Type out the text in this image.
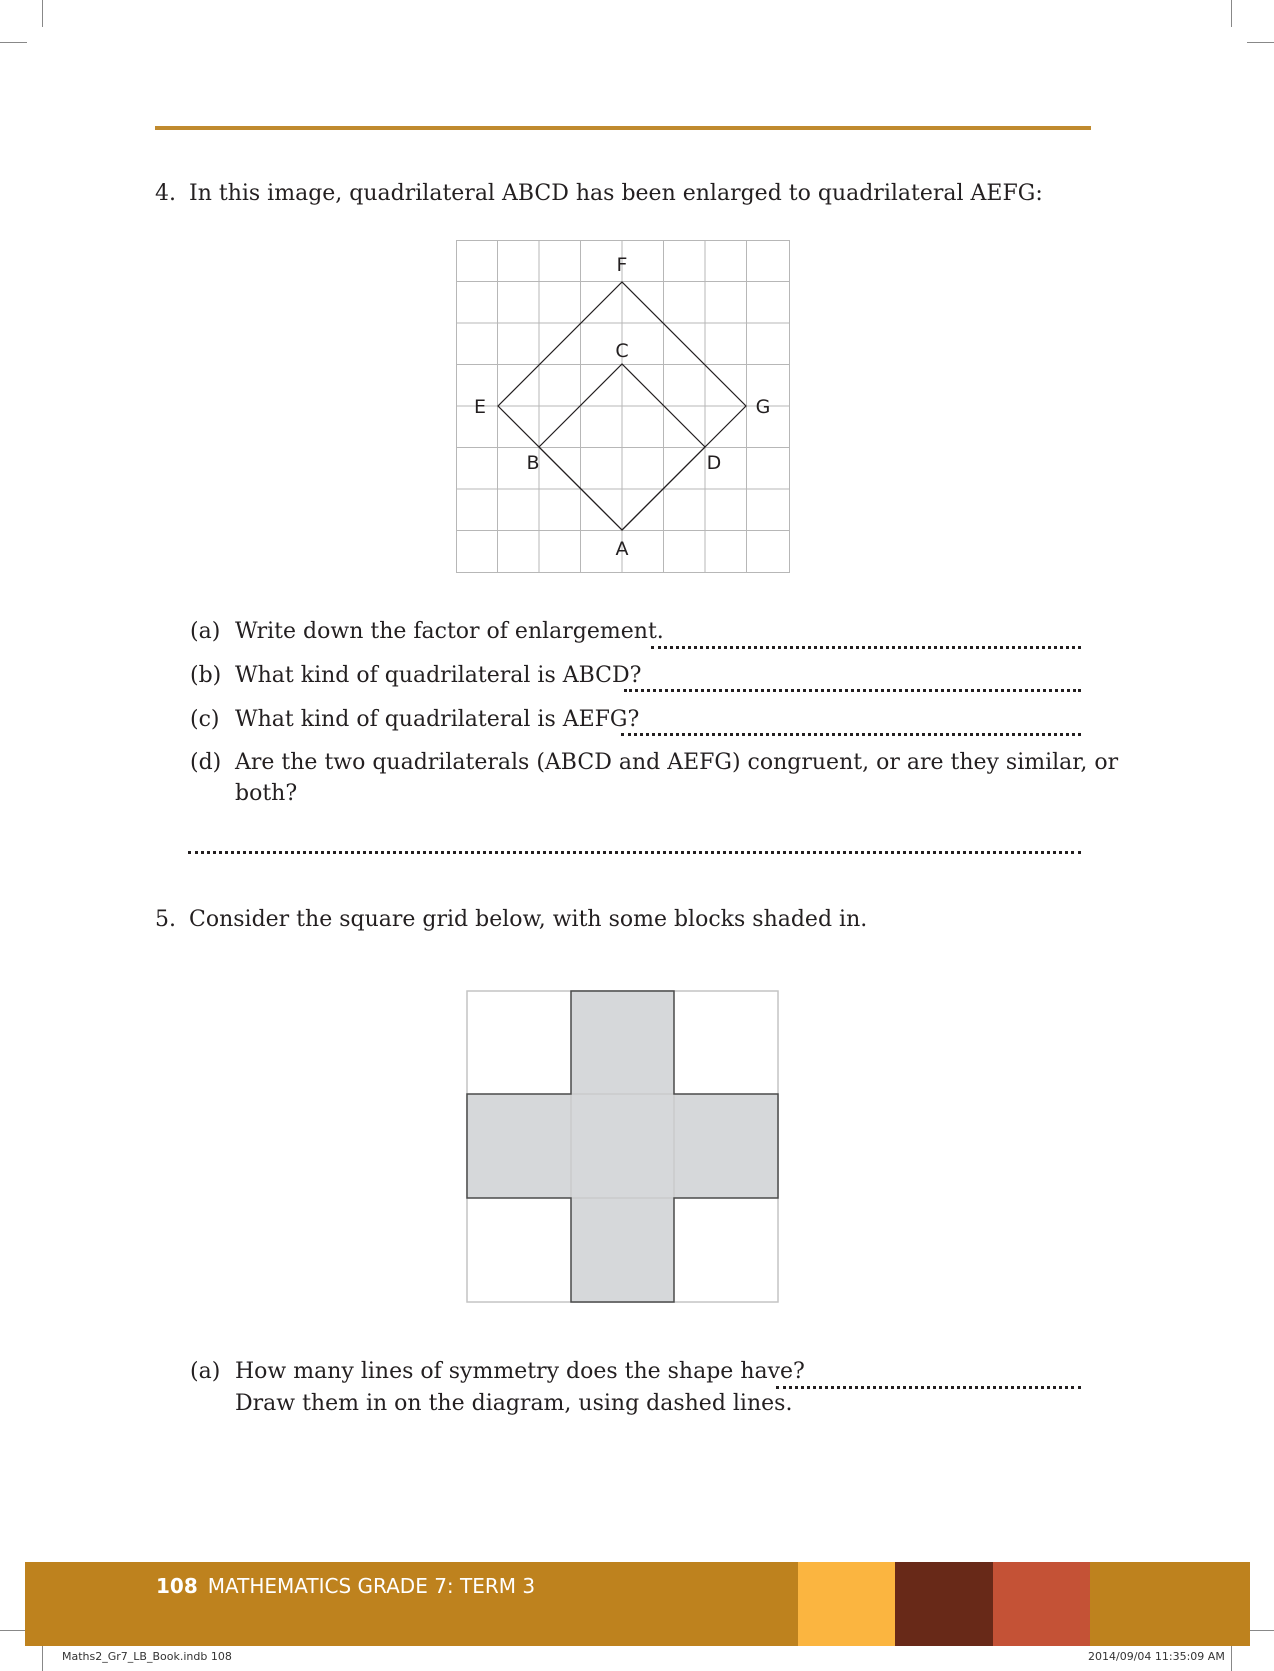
4. In this image, quadrilateral ABCD has been enlarged to quadrilateral AEFG:
F
C
E	G
B	D
A
(a) Write down the factor of enlargement.
(b) What kind of quadrilateral is ABCD?
(c) What kind of quadrilateral is AEFG?
(d) Are the two quadrilaterals (ABCD and AEFG) congruent, or are they similar, or
both?
5. Consider the square grid below, with some blocks shaded in.
(a) How many lines of symmetry does the shape have?
Draw them in on the diagram, using dashed lines.
108 MATHEMATICS GRADE 7: TERM 3
Maths2_Gr7_LB_Book.indb 108	2014/09/04 11:35:09 AM
